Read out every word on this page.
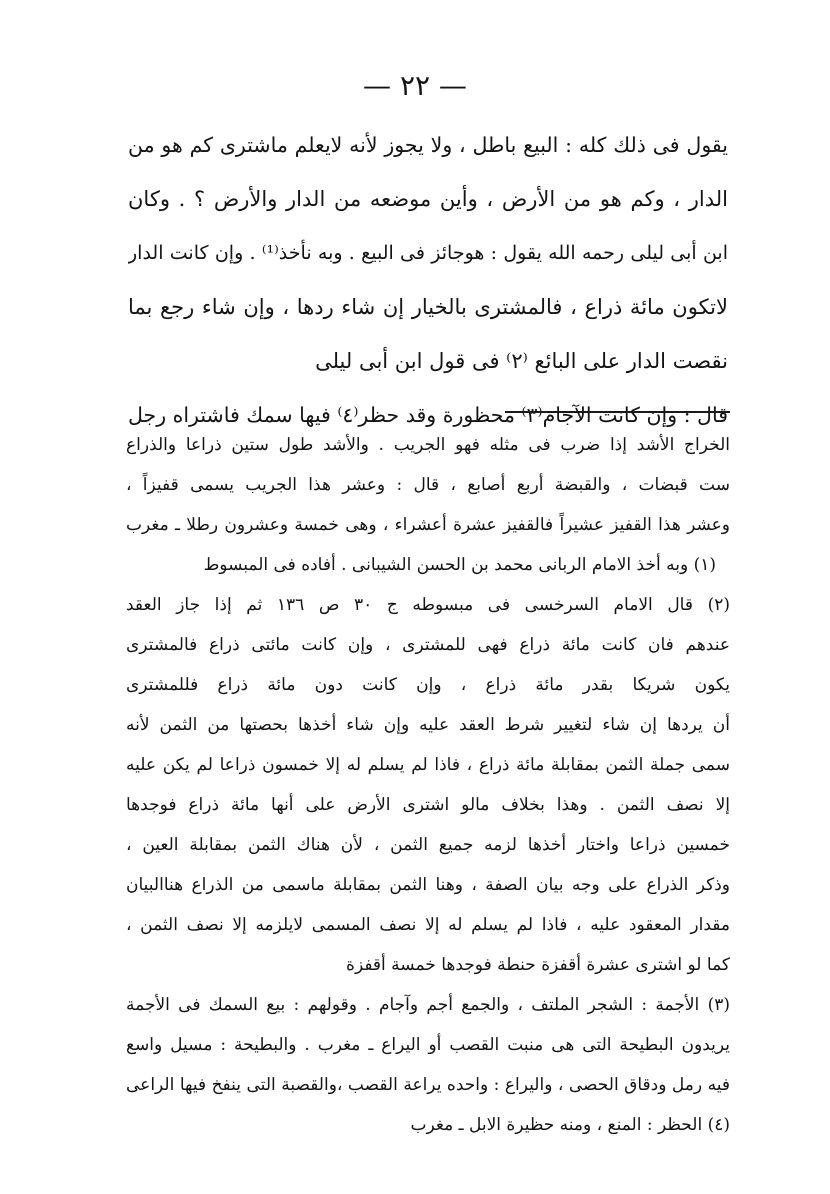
— ٢٢ —
يقول فى ذلك كله : البيع باطل ، ولا يجوز لأنه لايعلم ماشترى كم هو من
الدار ، وكم هو من الأرض ، وأين موضعه من الدار والأرض ؟ . وكان
ابن أبى ليلى رحمه الله يقول : هوجائز فى البيع . وبه نأخذ⁽¹⁾ . وإن كانت الدار
لاتكون مائة ذراع ، فالمشترى بالخيار إن شاء ردها ، وإن شاء رجع بما
نقصت الدار على البائع ⁽٢⁾ فى قول ابن أبى ليلى
قال : وإن كانت الآجام⁽٣⁾ محظورة وقد حظر⁽٤⁾ فيها سمك فاشتراه رجل
الخراج الأشد إذا ضرب فى مثله فهو الجريب . والأشد طول ستين ذراعا والذراع
ست قبضات ، والقبضة أربع أصابع ، قال : وعشر هذا الجريب يسمى قفيزاً ،
وعشر هذا القفيز عشيراً فالقفيز عشرة أعشراء ، وهى خمسة وعشرون رطلا ـ مغرب
(١) وبه أخذ الامام الربانى محمد بن الحسن الشيبانى . أفاده فى المبسوط
(٢) قال الامام السرخسى فى مبسوطه ج ٣٠ ص ١٣٦ ثم إذا جاز العقد
عندهم فان كانت مائة ذراع فهى للمشترى ، وإن كانت مائتى ذراع فالمشترى
يكون شريكا بقدر مائة ذراع ، وإن كانت دون مائة ذراع فللمشترى
أن يردها إن شاء لتغيير شرط العقد عليه وإن شاء أخذها بحصتها من الثمن لأنه
سمى جملة الثمن بمقابلة مائة ذراع ، فاذا لم يسلم له إلا خمسون ذراعا لم يكن عليه
إلا نصف الثمن . وهذا بخلاف مالو اشترى الأرض على أنها مائة ذراع فوجدها
خمسين ذراعا واختار أخذها لزمه جميع الثمن ، لأن هناك الثمن بمقابلة العين ،
وذكر الذراع على وجه بيان الصفة ، وهنا الثمن بمقابلة ماسمى من الذراع هناالبيان
مقدار المعقود عليه ، فاذا لم يسلم له إلا نصف المسمى لايلزمه إلا نصف الثمن ،
كما لو اشترى عشرة أقفزة حنطة فوجدها خمسة أقفزة
(٣) الأجمة : الشجر الملتف ، والجمع أجم وآجام . وقولهم : بيع السمك فى الأجمة
يريدون البطيحة التى هى منبت القصب أو اليراع ـ مغرب . والبطيحة : مسيل واسع
فيه رمل ودقاق الحصى ، واليراع : واحده يراعة القصب ،والقصبة التى ينفخ فيها الراعى
(٤) الحظر : المنع ، ومنه حظيرة الابل ـ مغرب
